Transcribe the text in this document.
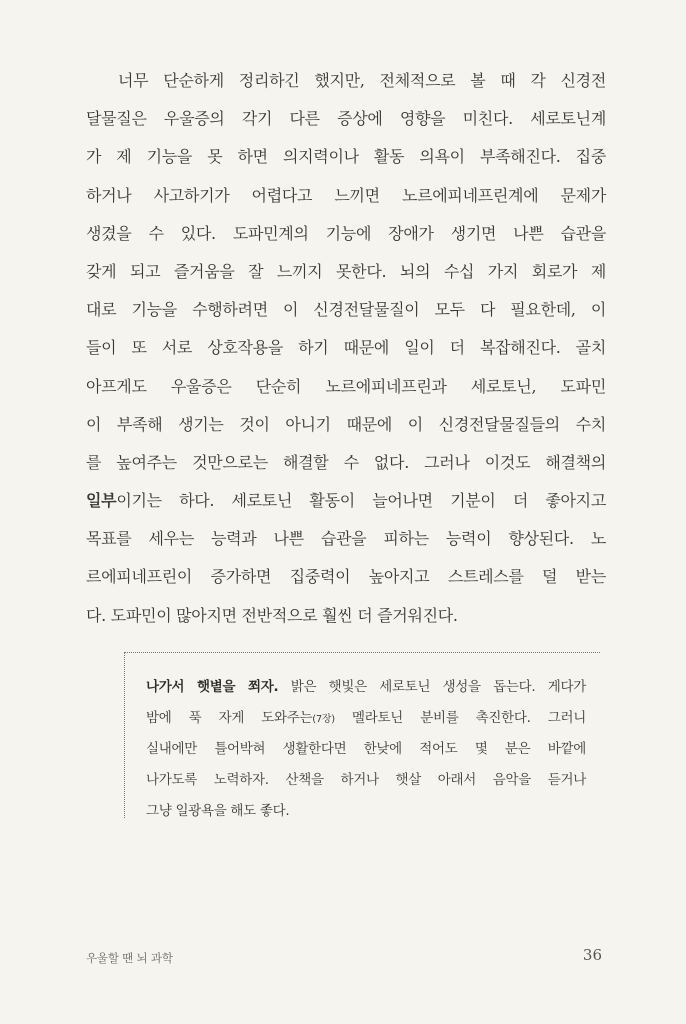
너무 단순하게 정리하긴 했지만, 전체적으로 볼 때 각 신경전
달물질은 우울증의 각기 다른 증상에 영향을 미친다. 세로토닌계
가 제 기능을 못 하면 의지력이나 활동 의욕이 부족해진다. 집중
하거나 사고하기가 어렵다고 느끼면 노르에피네프린계에 문제가
생겼을 수 있다. 도파민계의 기능에 장애가 생기면 나쁜 습관을
갖게 되고 즐거움을 잘 느끼지 못한다. 뇌의 수십 가지 회로가 제
대로 기능을 수행하려면 이 신경전달물질이 모두 다 필요한데, 이
들이 또 서로 상호작용을 하기 때문에 일이 더 복잡해진다. 골치
아프게도 우울증은 단순히 노르에피네프린과 세로토닌, 도파민
이 부족해 생기는 것이 아니기 때문에 이 신경전달물질들의 수치
를 높여주는 것만으로는 해결할 수 없다. 그러나 이것도 해결책의
일부이기는 하다. 세로토닌 활동이 늘어나면 기분이 더 좋아지고
목표를 세우는 능력과 나쁜 습관을 피하는 능력이 향상된다. 노
르에피네프린이 증가하면 집중력이 높아지고 스트레스를 덜 받는
다. 도파민이 많아지면 전반적으로 훨씬 더 즐거워진다.
나가서 햇볕을 쬐자. 밝은 햇빛은 세로토닌 생성을 돕는다. 게다가
밤에 푹 자게 도와주는(7장) 멜라토닌 분비를 촉진한다. 그러니
실내에만 틀어박혀 생활한다면 한낮에 적어도 몇 분은 바깥에
나가도록 노력하자. 산책을 하거나 햇살 아래서 음악을 듣거나
그냥 일광욕을 해도 좋다.
우울할 땐 뇌 과학	36
